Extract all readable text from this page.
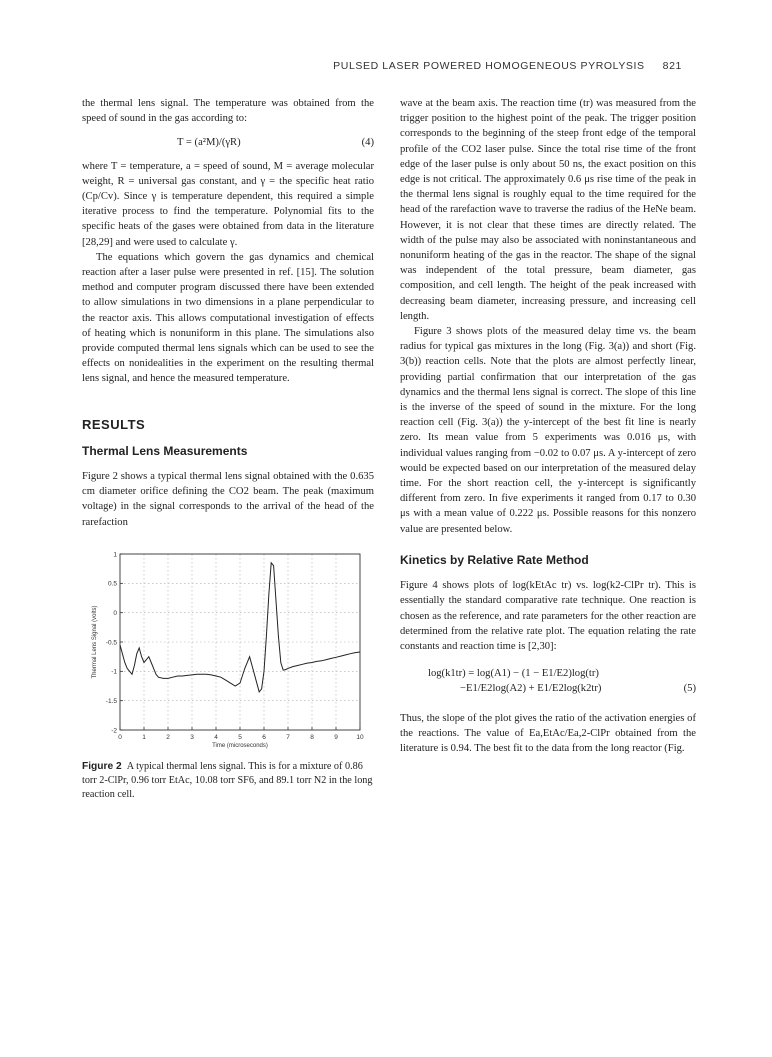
PULSED LASER POWERED HOMOGENEOUS PYROLYSIS 821

the thermal lens signal. The temperature was obtained from the speed of sound in the gas according to:

T = (a²M)/(γR)	(4)

where T = temperature, a = speed of sound, M = average molecular weight, R = universal gas constant, and γ = the specific heat ratio (Cp/Cv). Since γ is temperature dependent, this required a simple iterative process to find the temperature. Polynomial fits to the specific heats of the gases were obtained from data in the literature [28,29] and were used to calculate γ.

The equations which govern the gas dynamics and chemical reaction after a laser pulse were presented in ref. [15]. The solution method and computer program discussed there have been extended to allow simulations in two dimensions in a plane perpendicular to the reactor axis. This allows computational investigation of effects of heating which is nonuniform in this plane. The simulations also provide computed thermal lens signals which can be used to see the effects on nonidealities in the experiment on the resulting thermal lens signal, and hence the measured temperature.

RESULTS
Thermal Lens Measurements

Figure 2 shows a typical thermal lens signal obtained with the 0.635 cm diameter orifice defining the CO2 beam. The peak (maximum voltage) in the signal corresponds to the arrival of the head of the rarefaction

0	1	2	3	4	5	6	7	8	9	10
-2
-1.5
-1
-0.5
0
0.5
1
Time (microseconds)
Thermal Lens Signal (volts)
Figure 2 A typical thermal lens signal. This is for a mixture of 0.86 torr 2-ClPr, 0.96 torr EtAc, 10.08 torr SF6, and 89.1 torr N2 in the long reaction cell.

wave at the beam axis. The reaction time (tr) was measured from the trigger position to the highest point of the peak. The trigger position corresponds to the beginning of the steep front edge of the temporal profile of the CO2 laser pulse. Since the total rise time of the front edge of the laser pulse is only about 50 ns, the exact position on this edge is not critical. The approximately 0.6 μs rise time of the peak in the thermal lens signal is roughly equal to the time required for the head of the rarefaction wave to traverse the radius of the HeNe beam. However, it is not clear that these times are directly related. The width of the pulse may also be associated with noninstantaneous and nonuniform heating of the gas in the reactor. The shape of the signal was independent of the total pressure, beam diameter, gas composition, and cell length. The height of the peak increased with decreasing beam diameter, increasing pressure, and increasing cell length.

Figure 3 shows plots of the measured delay time vs. the beam radius for typical gas mixtures in the long (Fig. 3(a)) and short (Fig. 3(b)) reaction cells. Note that the plots are almost perfectly linear, providing partial confirmation that our interpretation of the gas dynamics and the thermal lens signal is correct. The slope of this line is the inverse of the speed of sound in the mixture. For the long reaction cell (Fig. 3(a)) the y-intercept of the best fit line is nearly zero. Its mean value from 5 experiments was 0.016 μs, with individual values ranging from −0.02 to 0.07 μs. A y-intercept of zero would be expected based on our interpretation of the measured delay time. For the short reaction cell, the y-intercept is significantly different from zero. In five experiments it ranged from 0.17 to 0.30 μs with a mean value of 0.222 μs. Possible reasons for this nonzero value are presented below.

Kinetics by Relative Rate Method

Figure 4 shows plots of log(kEtAc tr) vs. log(k2-ClPr tr). This is essentially the standard comparative rate technique. One reaction is chosen as the reference, and rate parameters for the other reaction are determined from the relative rate plot. The equation relating the rate constants and reaction time is [2,30]:

log(k1tr) = log(A1) − (1 − E1/E2)log(tr)
−E1/E2log(A2) + E1/E2log(k2tr)	(5)

Thus, the slope of the plot gives the ratio of the activation energies of the reactions. The value of Ea,EtAc/Ea,2-ClPr obtained from the literature is 0.94. The best fit to the data from the long reactor (Fig.
